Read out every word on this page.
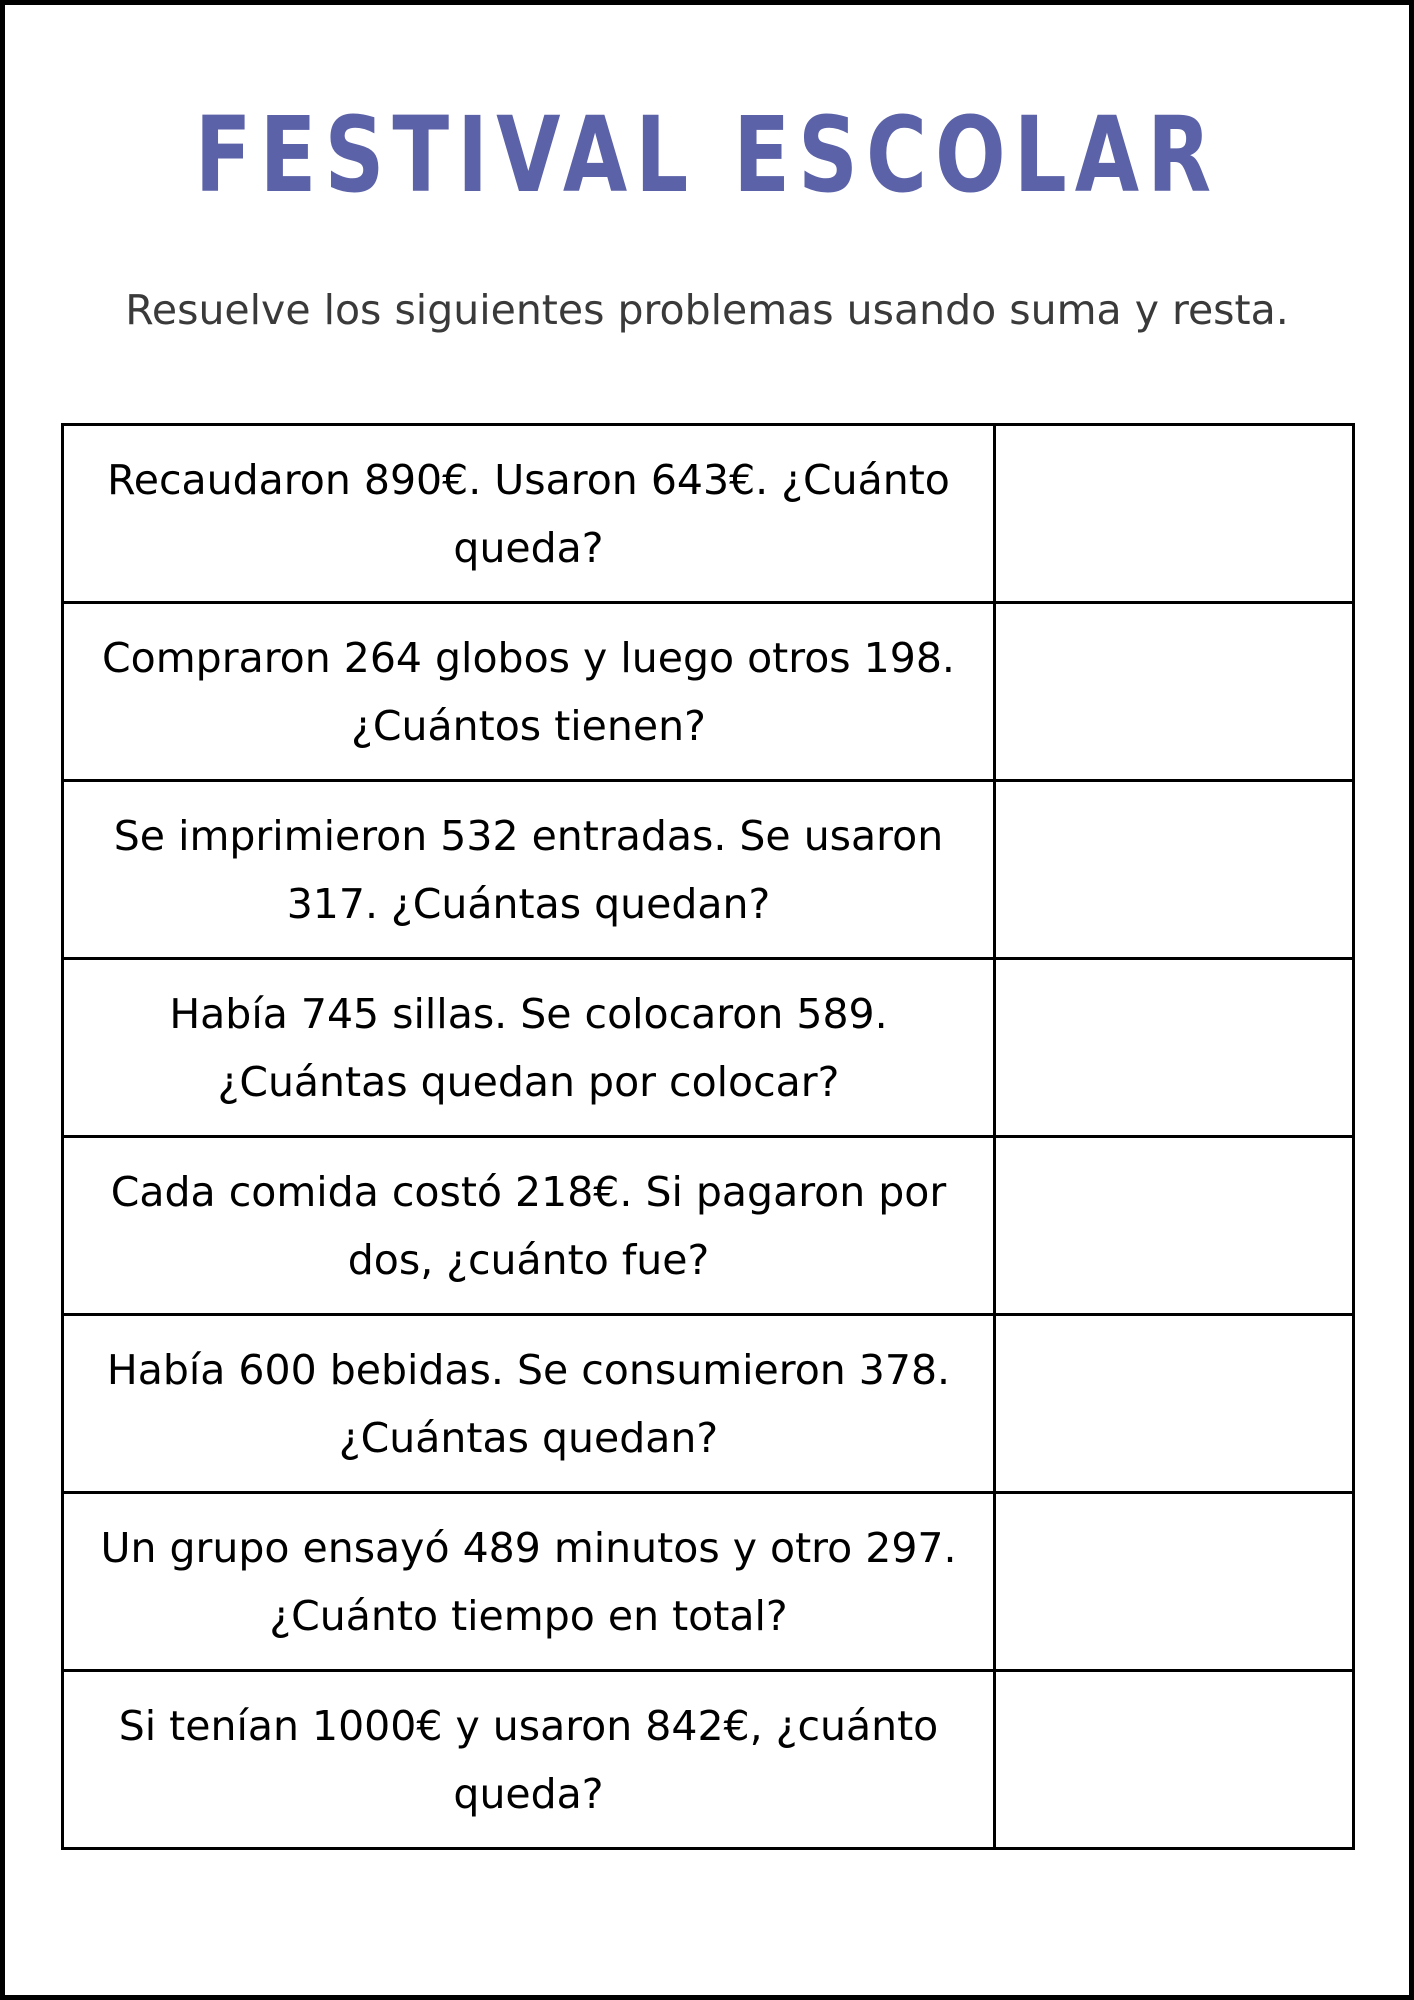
FESTIVAL ESCOLAR

Resuelve los siguientes problemas usando suma y resta.

Recaudaron 890€. Usaron 643€. ¿Cuánto queda?	
Compraron 264 globos y luego otros 198. ¿Cuántos tienen?	
Se imprimieron 532 entradas. Se usaron 317. ¿Cuántas quedan?	
Había 745 sillas. Se colocaron 589. ¿Cuántas quedan por colocar?	
Cada comida costó 218€. Si pagaron por dos, ¿cuánto fue?	
Había 600 bebidas. Se consumieron 378. ¿Cuántas quedan?	
Un grupo ensayó 489 minutos y otro 297. ¿Cuánto tiempo en total?	
Si tenían 1000€ y usaron 842€, ¿cuánto queda?	
